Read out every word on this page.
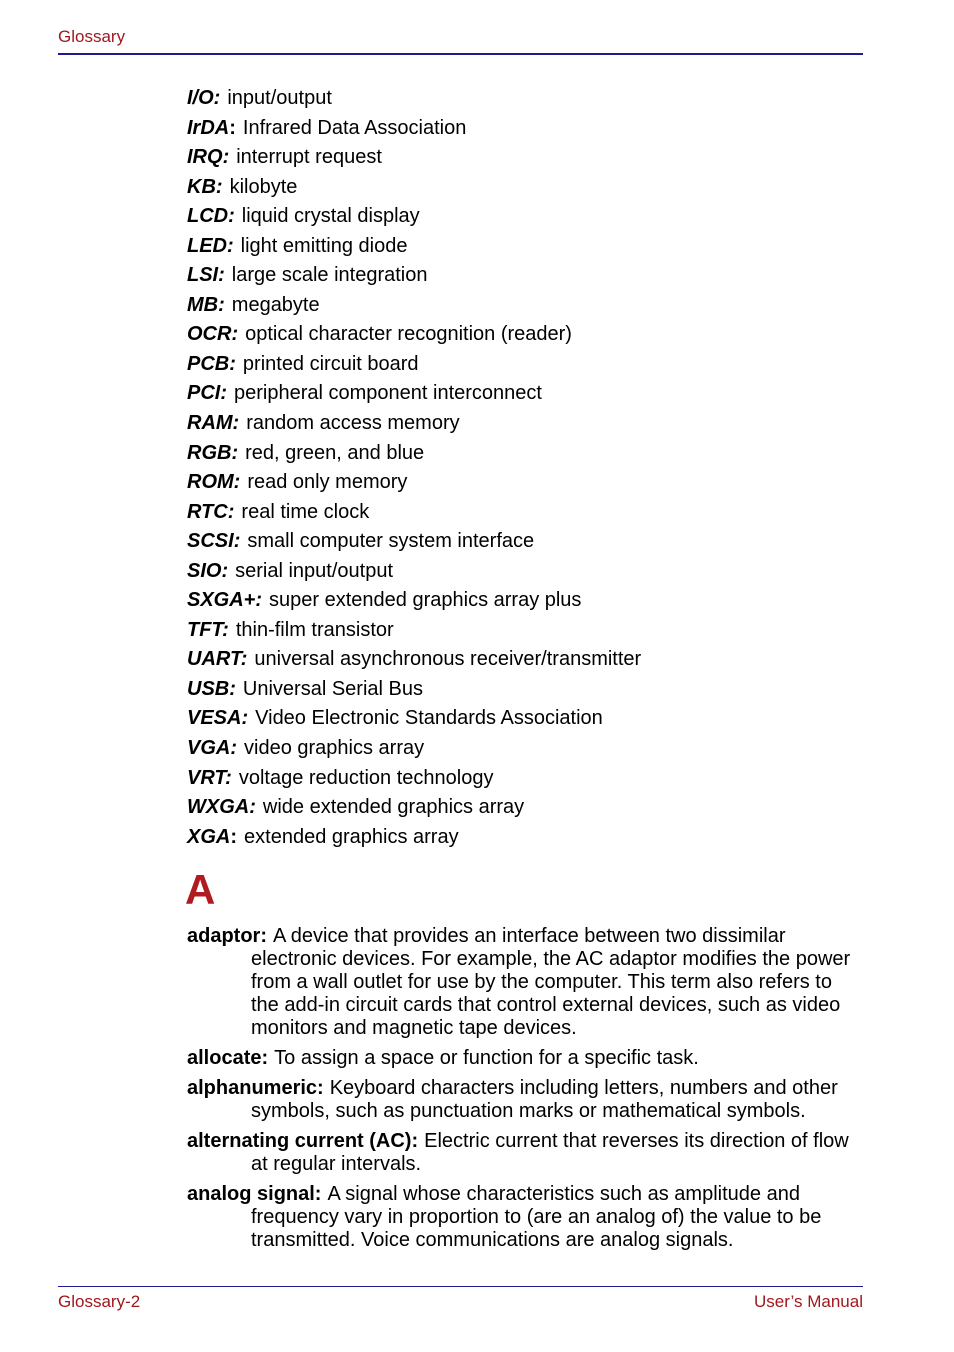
Glossary
I/O: input/output
IrDA: Infrared Data Association
IRQ: interrupt request
KB: kilobyte
LCD: liquid crystal display
LED: light emitting diode
LSI: large scale integration
MB: megabyte
OCR: optical character recognition (reader)
PCB: printed circuit board
PCI: peripheral component interconnect
RAM: random access memory
RGB: red, green, and blue
ROM: read only memory
RTC: real time clock
SCSI: small computer system interface
SIO: serial input/output
SXGA+: super extended graphics array plus
TFT: thin-film transistor
UART: universal asynchronous receiver/transmitter
USB: Universal Serial Bus
VESA: Video Electronic Standards Association
VGA: video graphics array
VRT: voltage reduction technology
WXGA: wide extended graphics array
XGA: extended graphics array
A
adaptor: A device that provides an interface between two dissimilar electronic devices. For example, the AC adaptor modifies the power from a wall outlet for use by the computer. This term also refers to the add-in circuit cards that control external devices, such as video monitors and magnetic tape devices.
allocate: To assign a space or function for a specific task.
alphanumeric: Keyboard characters including letters, numbers and other symbols, such as punctuation marks or mathematical symbols.
alternating current (AC): Electric current that reverses its direction of flow at regular intervals.
analog signal: A signal whose characteristics such as amplitude and frequency vary in proportion to (are an analog of) the value to be transmitted. Voice communications are analog signals.
Glossary-2	User’s Manual
